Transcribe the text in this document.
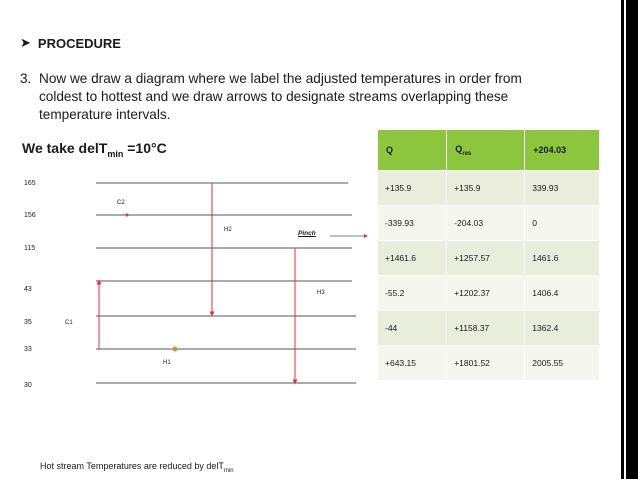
➤ PROCEDURE
3. Now we draw a diagram where we label the adjusted temperatures in order from
coldest to hottest and we draw arrows to designate streams overlapping these
temperature intervals.
We take delT$_{min}$ =10°C
165
156
115
43
35
33
30
C2
H2
H3
C1
H1
Pinch
Hot stream Temperatures are reduced by delT$_{min}$
Q	$Q_{res}$	+204.03
+135.9	+135.9	339.93
-339.93	-204.03	0
+1461.6	+1257.57	1461.6
-55.2	+1202.37	1406.4
-44	+1158.37	1362.4
+643.15	+1801.52	2005.55
